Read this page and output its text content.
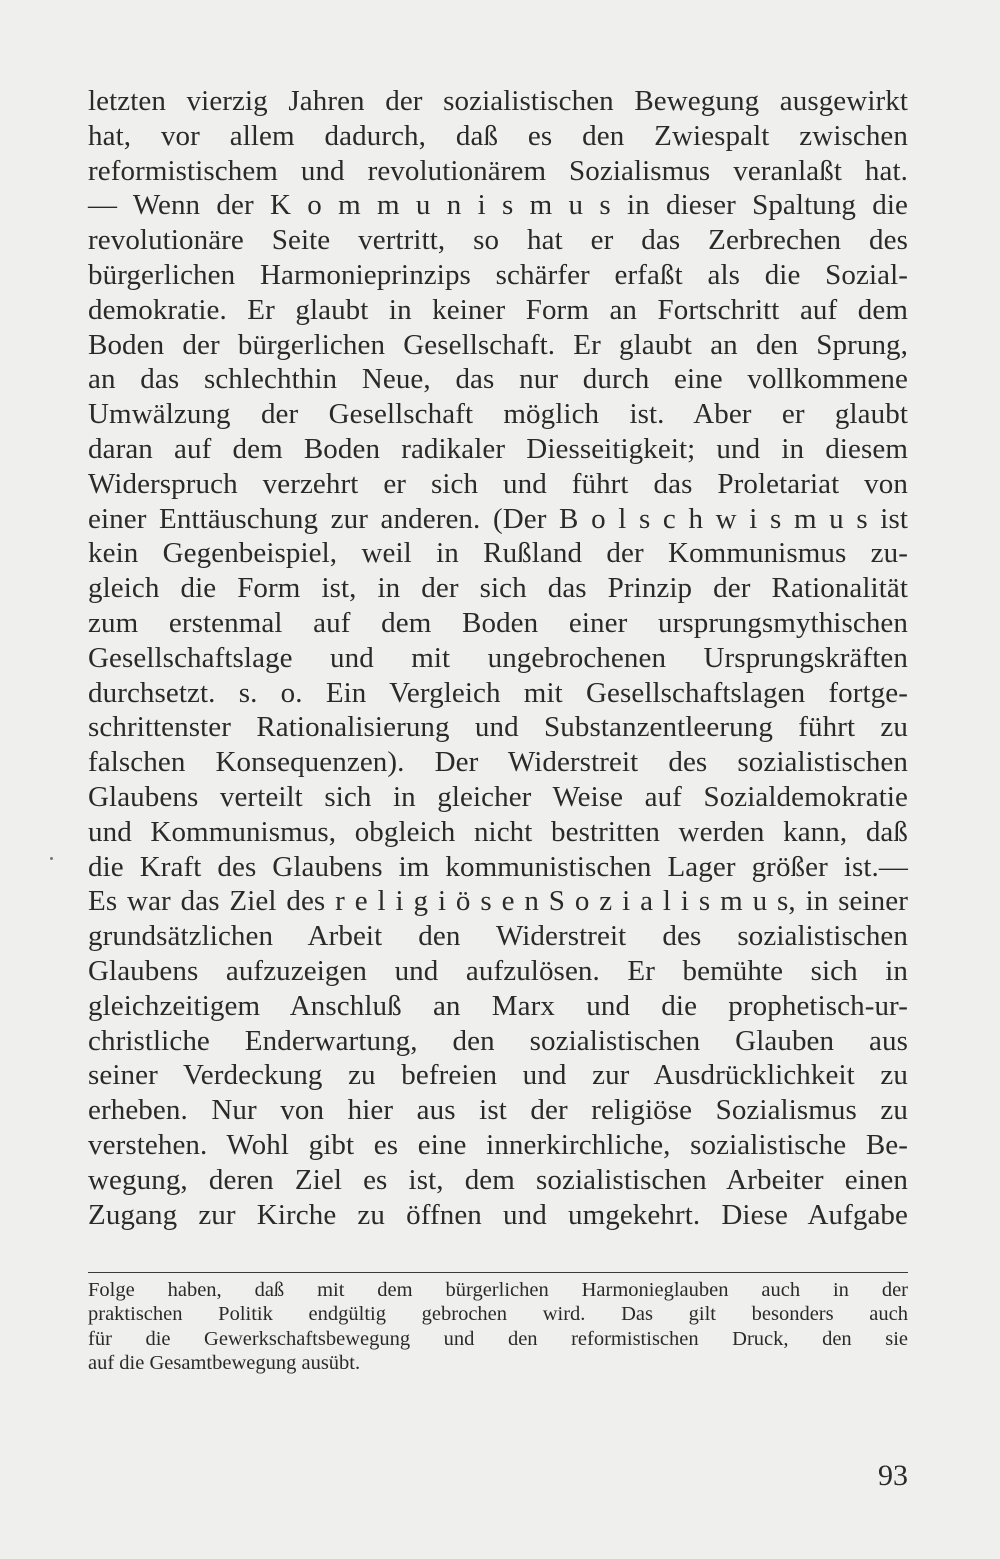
letzten vierzig Jahren der sozialistischen Bewegung ausgewirkt
hat, vor allem dadurch, daß es den Zwiespalt zwischen
reformistischem und revolutionärem Sozialismus veranlaßt hat.
— Wenn der K o m m u n i s m u s in dieser Spaltung die
revolutionäre Seite vertritt, so hat er das Zerbrechen des
bürgerlichen Harmonieprinzips schärfer erfaßt als die Sozial-
demokratie. Er glaubt in keiner Form an Fortschritt auf dem
Boden der bürgerlichen Gesellschaft. Er glaubt an den Sprung,
an das schlechthin Neue, das nur durch eine vollkommene
Umwälzung der Gesellschaft möglich ist. Aber er glaubt
daran auf dem Boden radikaler Diesseitigkeit; und in diesem
Widerspruch verzehrt er sich und führt das Proletariat von
einer Enttäuschung zur anderen. (Der B o l s c h w i s m u s ist
kein Gegenbeispiel, weil in Rußland der Kommunismus zu-
gleich die Form ist, in der sich das Prinzip der Rationalität
zum erstenmal auf dem Boden einer ursprungsmythischen
Gesellschaftslage und mit ungebrochenen Ursprungskräften
durchsetzt. s. o. Ein Vergleich mit Gesellschaftslagen fortge-
schrittenster Rationalisierung und Substanzentleerung führt zu
falschen Konsequenzen). Der Widerstreit des sozialistischen
Glaubens verteilt sich in gleicher Weise auf Sozialdemokratie
und Kommunismus, obgleich nicht bestritten werden kann, daß
die Kraft des Glaubens im kommunistischen Lager größer ist.—
Es war das Ziel des r e l i g i ö s e n S o z i a l i s m u s, in seiner
grundsätzlichen Arbeit den Widerstreit des sozialistischen
Glaubens aufzuzeigen und aufzulösen. Er bemühte sich in
gleichzeitigem Anschluß an Marx und die prophetisch-ur-
christliche Enderwartung, den sozialistischen Glauben aus
seiner Verdeckung zu befreien und zur Ausdrücklichkeit zu
erheben. Nur von hier aus ist der religiöse Sozialismus zu
verstehen. Wohl gibt es eine innerkirchliche, sozialistische Be-
wegung, deren Ziel es ist, dem sozialistischen Arbeiter einen
Zugang zur Kirche zu öffnen und umgekehrt. Diese Aufgabe
Folge haben, daß mit dem bürgerlichen Harmonieglauben auch in der
praktischen Politik endgültig gebrochen wird. Das gilt besonders auch
für die Gewerkschaftsbewegung und den reformistischen Druck, den sie
auf die Gesamtbewegung ausübt.
93
